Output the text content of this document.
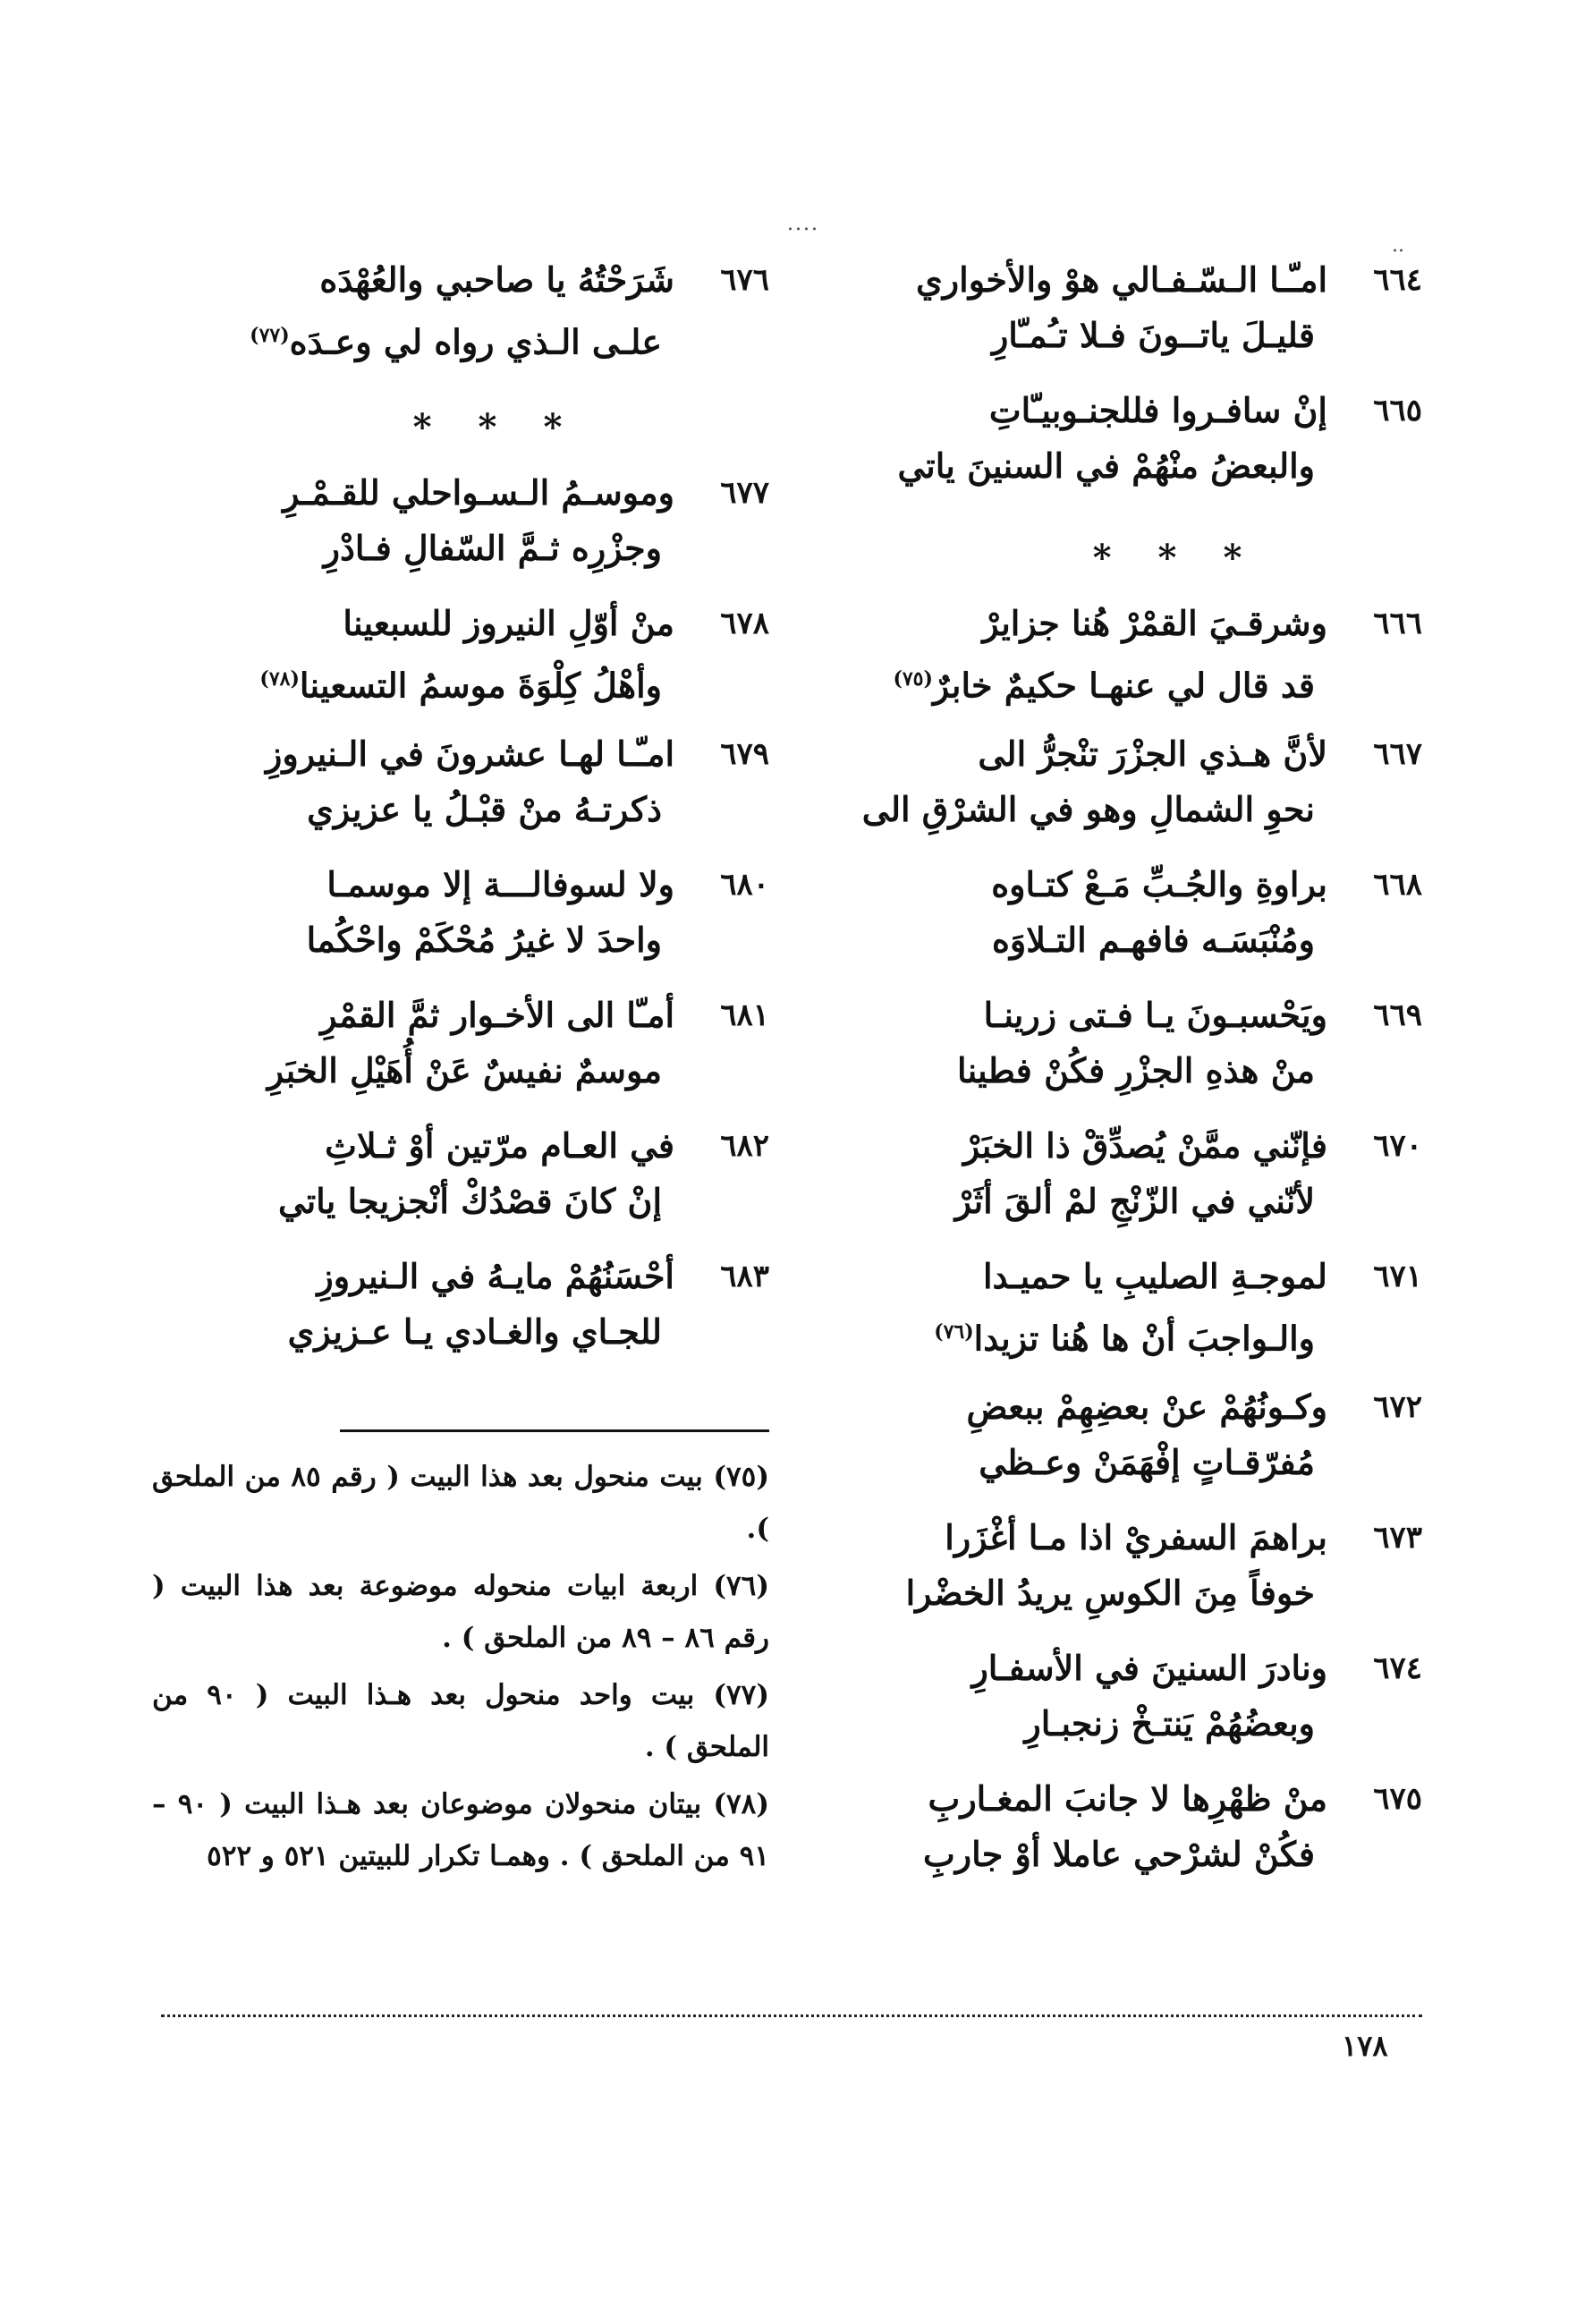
....
..
٦٦٤
امـّـا الـسّـفـالي هوْ والأخواري
قليـلَ ياتــونَ فـلا تـُمـّارِ
٦٦٥
إنْ سافـروا فللجنـوبيـّاتِ
والبعضُ منْهُمْ في السنينَ ياتي
* * *
٦٦٦
وشرقـيَ القمْرْ هُنا جزايرْ
قد قال لي عنهـا حكيمٌ خابرٌ$^{(٧٥)}$
٦٦٧
لأنَّ هـذي الجزْرَ تنْجرُّ الى
نحوِ الشمالِ وهو في الشرْقِ الى
٦٦٨
براوةِ والجُـبِّ مَـعْ كتـاوه
ومُنْبَسَـه فافهـم التـلاوَه
٦٦٩
ويَحْسبـونَ يـا فـتى زرينـا
منْ هذهِ الجزْرِ فكُنْ فطينا
٦٧٠
فإنّني ممَّنْ يُصدِّقْ ذا الخبَرْ
لأنّني في الزّنْجِ لمْ ألقَ أثَرْ
٦٧١
لموجـةِ الصليبِ يا حميـدا
والـواجبَ أنْ ها هُنا تزيدا$^{(٧٦)}$
٦٧٢
وكـونُهُمْ عنْ بعضِهِمْ ببعضِ
مُفرّقـاتٍ إفْهَمَنْ وعـظي
٦٧٣
براهمَ السفريْ اذا مـا أغْزَرا
خوفاً مِنَ الكوسِ يريدُ الخضْرا
٦٧٤
ونادرَ السنينَ في الأسفـارِ
وبعضُهُمْ يَنتـخْ زنجبـارِ
٦٧٥
منْ ظهْرِها لا جانبَ المغـاربِ
فكُنْ لشرْحي عاملا أوْ جاربِ
٦٧٦
شَرَحْتُهُ يا صاحبي والعُهْدَه
علـى الـذي رواه لي وعـدَه$^{(٧٧)}$
* * *
٦٧٧
وموسـمُ الـسـواحلي للقـمْـرِ
وجزْرِه ثـمَّ السّفالِ فـادْرِ
٦٧٨
منْ أوّلِ النيروز للسبعينا
وأهْلُ كِلْوَةَ موسمُ التسعينا$^{(٧٨)}$
٦٧٩
امـّـا لهـا عشرونَ في الـنيروزِ
ذكرتـهُ منْ قبْـلُ يا عزيزي
٦٨٠
ولا لسوفالـــة إلا موسمـا
واحدَ لا غيرُ مُحْكَمْ واحْكُما
٦٨١
أمـّا الى الأخـوار ثمَّ القمْرِ
موسمٌ نفيسٌ عَنْ أُهَيْلِ الخبَرِ
٦٨٢
في العـام مرّتين أوْ ثـلاثِ
إنْ كانَ قصْدُكْ أنْجزيجا ياتي
٦٨٣
أحْسَنُهُمْ مايـهُ في الـنيروزِ
للجـاي والغـادي يـا عـزيزي
(٧٥) بيت منحول بعد هذا البيت ( رقم ٨٥ من الملحق ).
(٧٦) اربعة ابيات منحوله موضوعة بعد هذا البيت ( رقم ٨٦ – ٨٩ من الملحق ) .
(٧٧) بيت واحد منحول بعد هـذا البيت ( ٩٠ من الملحق ) .
(٧٨) بيتان منحولان موضوعان بعد هـذا البيت ( ٩٠ – ٩١ من الملحق ) . وهمـا تكرار للبيتين ٥٢١ و ٥٢٢
١٧٨
